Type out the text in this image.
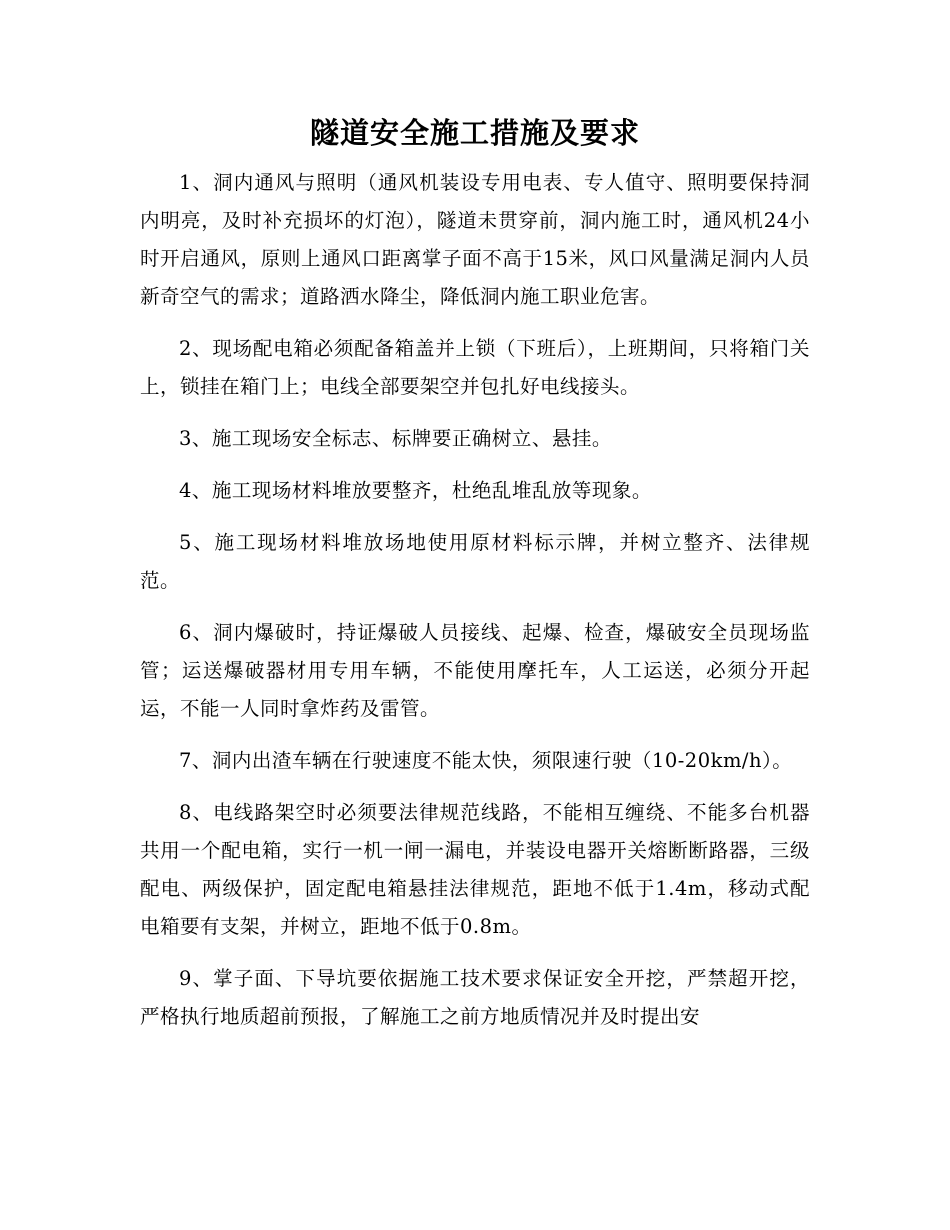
隧道安全施工措施及要求

1、洞内通风与照明（通风机装设专用电表、专人值守、照明要保持洞内明亮，及时补充损坏的灯泡），隧道未贯穿前，洞内施工时，通风机24小时开启通风，原则上通风口距离掌子面不高于15米，风口风量满足洞内人员新奇空气的需求；道路洒水降尘，降低洞内施工职业危害。

2、现场配电箱必须配备箱盖并上锁（下班后），上班期间，只将箱门关上，锁挂在箱门上；电线全部要架空并包扎好电线接头。

3、施工现场安全标志、标牌要正确树立、悬挂。

4、施工现场材料堆放要整齐，杜绝乱堆乱放等现象。

5、施工现场材料堆放场地使用原材料标示牌，并树立整齐、法律规范。

6、洞内爆破时，持证爆破人员接线、起爆、检查，爆破安全员现场监管；运送爆破器材用专用车辆，不能使用摩托车，人工运送，必须分开起运，不能一人同时拿炸药及雷管。

7、洞内出渣车辆在行驶速度不能太快，须限速行驶（10-20km/h）。

8、电线路架空时必须要法律规范线路，不能相互缠绕、不能多台机器共用一个配电箱，实行一机一闸一漏电，并装设电器开关熔断断路器，三级配电、两级保护，固定配电箱悬挂法律规范，距地不低于1.4m，移动式配电箱要有支架，并树立，距地不低于0.8m。

9、掌子面、下导坑要依据施工技术要求保证安全开挖，严禁超开挖，严格执行地质超前预报，了解施工之前方地质情况并及时提出安
